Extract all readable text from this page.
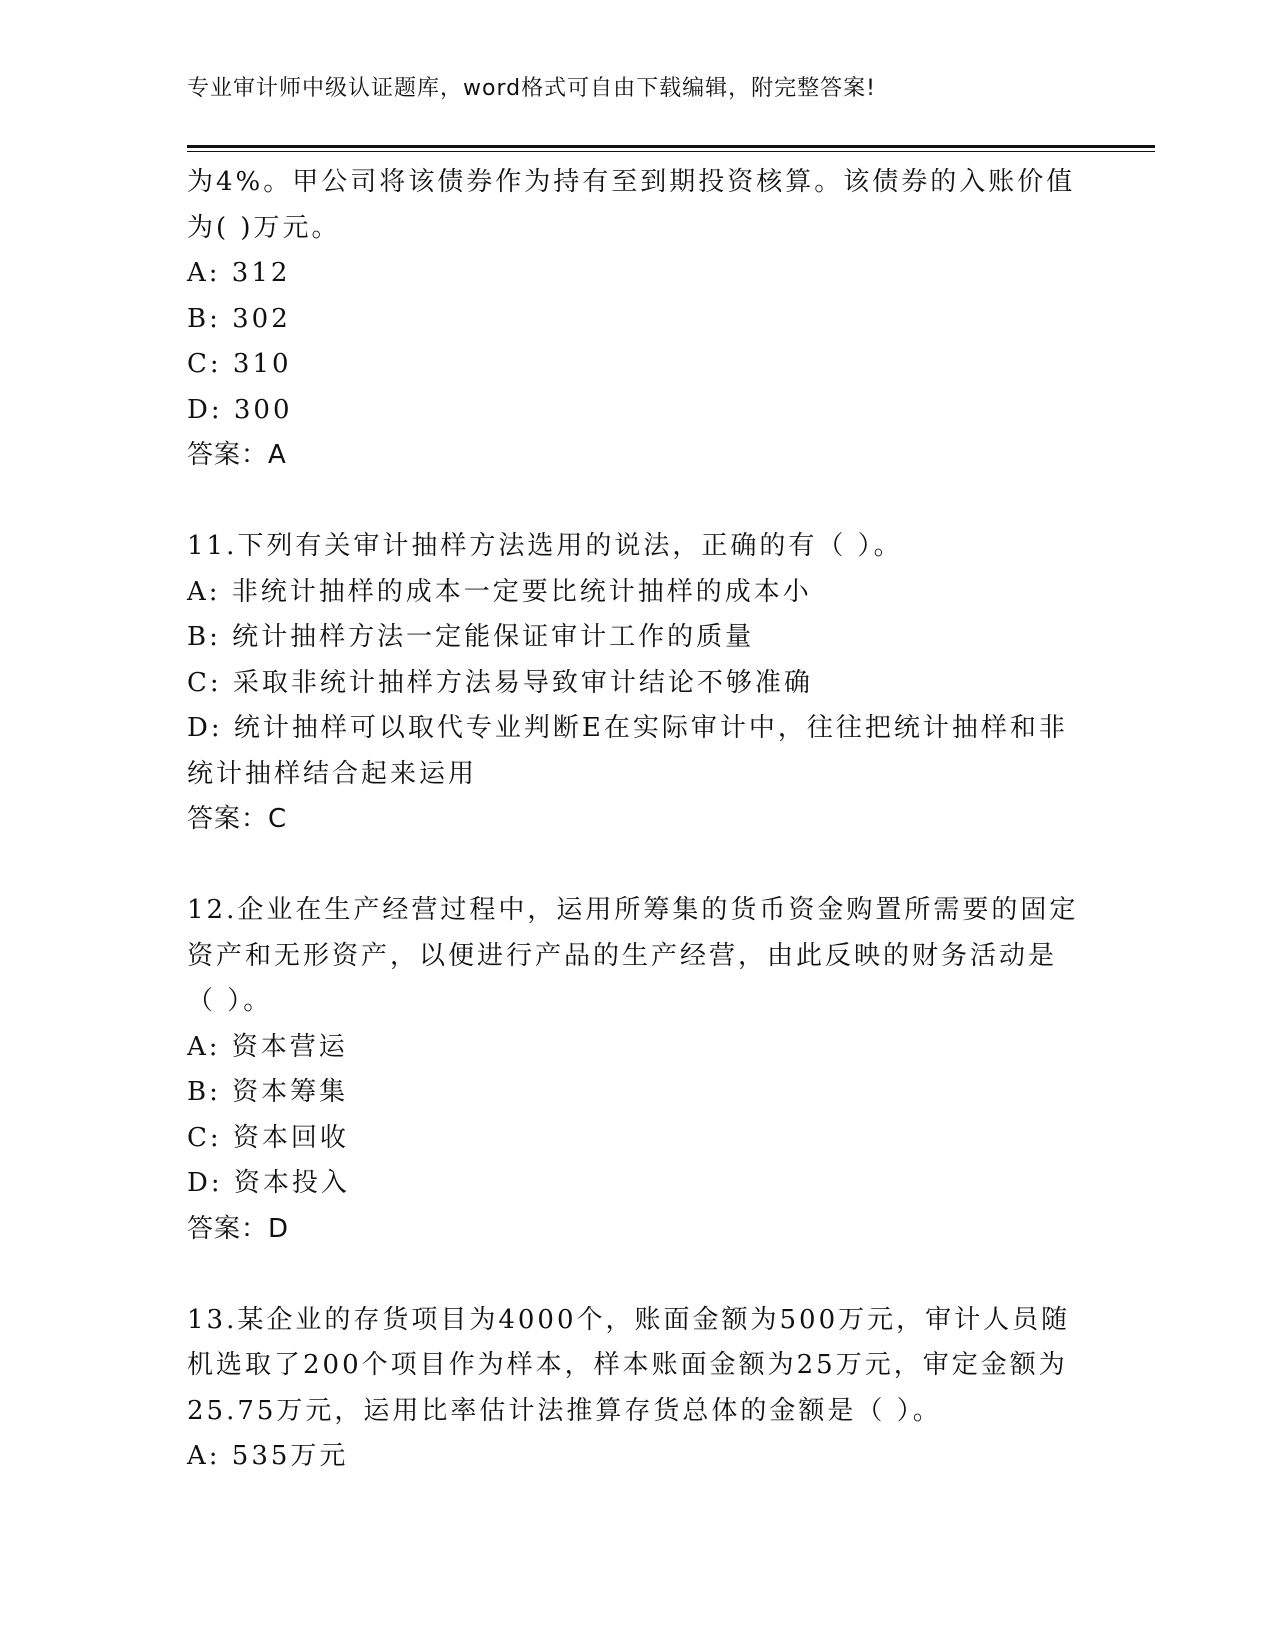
专业审计师中级认证题库，word格式可自由下载编辑，附完整答案!
为4%。甲公司将该债券作为持有至到期投资核算。该债券的入账价值
为( )万元。
A: 312
B: 302
C: 310
D: 300
答案：A
11.下列有关审计抽样方法选用的说法，正确的有（ ）。
A: 非统计抽样的成本一定要比统计抽样的成本小
B: 统计抽样方法一定能保证审计工作的质量
C: 采取非统计抽样方法易导致审计结论不够准确
D: 统计抽样可以取代专业判断E在实际审计中，往往把统计抽样和非
统计抽样结合起来运用
答案：C
12.企业在生产经营过程中，运用所筹集的货币资金购置所需要的固定
资产和无形资产，以便进行产品的生产经营，由此反映的财务活动是
（ ）。
A: 资本营运
B: 资本筹集
C: 资本回收
D: 资本投入
答案：D
13.某企业的存货项目为4000个，账面金额为500万元，审计人员随
机选取了200个项目作为样本，样本账面金额为25万元，审定金额为
25.75万元，运用比率估计法推算存货总体的金额是（ ）。
A: 535万元
